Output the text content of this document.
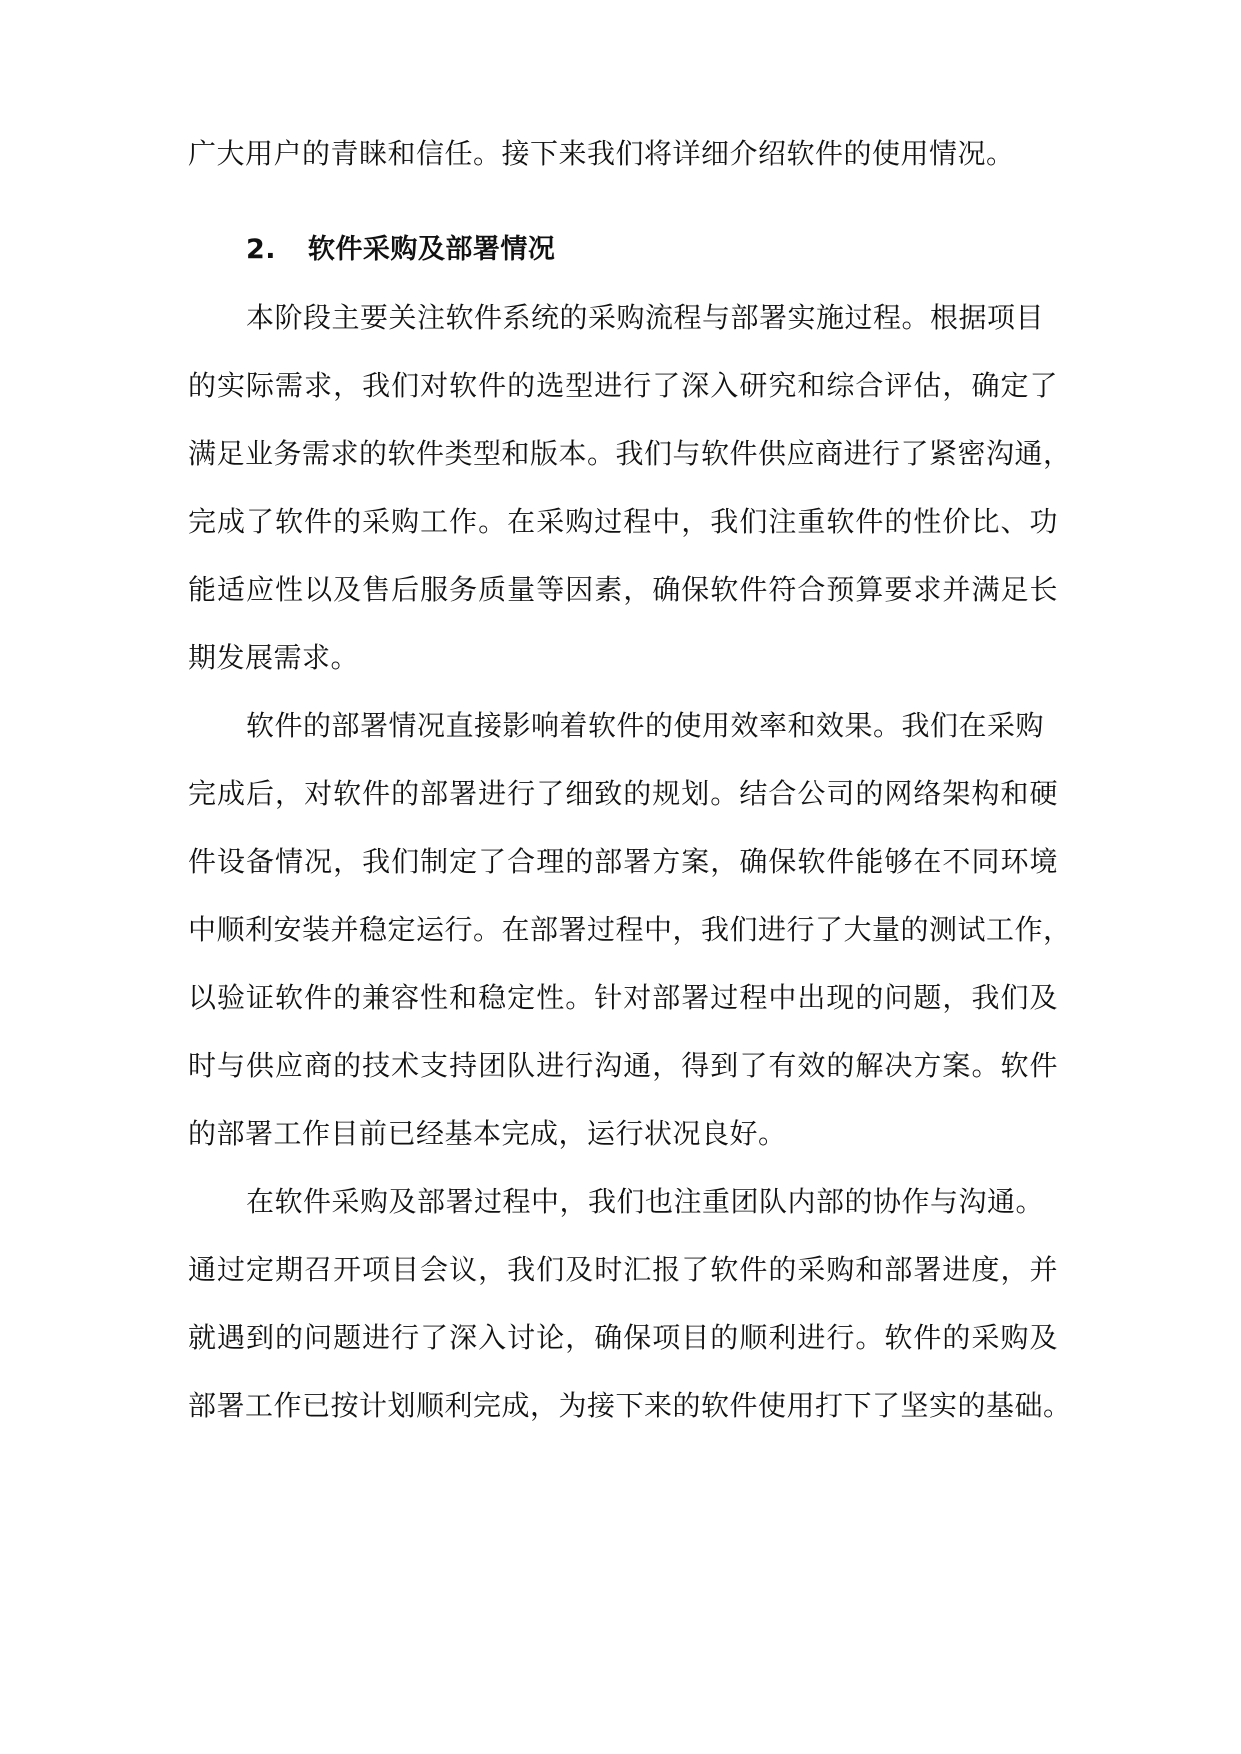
广大用户的青睐和信任。接下来我们将详细介绍软件的使用情况。
2. 软件采购及部署情况
本阶段主要关注软件系统的采购流程与部署实施过程。根据项目
的实际需求，我们对软件的选型进行了深入研究和综合评估，确定了
满足业务需求的软件类型和版本。我们与软件供应商进行了紧密沟通，
完成了软件的采购工作。在采购过程中，我们注重软件的性价比、功
能适应性以及售后服务质量等因素，确保软件符合预算要求并满足长
期发展需求。
软件的部署情况直接影响着软件的使用效率和效果。我们在采购
完成后，对软件的部署进行了细致的规划。结合公司的网络架构和硬
件设备情况，我们制定了合理的部署方案，确保软件能够在不同环境
中顺利安装并稳定运行。在部署过程中，我们进行了大量的测试工作，
以验证软件的兼容性和稳定性。针对部署过程中出现的问题，我们及
时与供应商的技术支持团队进行沟通，得到了有效的解决方案。软件
的部署工作目前已经基本完成，运行状况良好。
在软件采购及部署过程中，我们也注重团队内部的协作与沟通。
通过定期召开项目会议，我们及时汇报了软件的采购和部署进度，并
就遇到的问题进行了深入讨论，确保项目的顺利进行。软件的采购及
部署工作已按计划顺利完成，为接下来的软件使用打下了坚实的基础。
